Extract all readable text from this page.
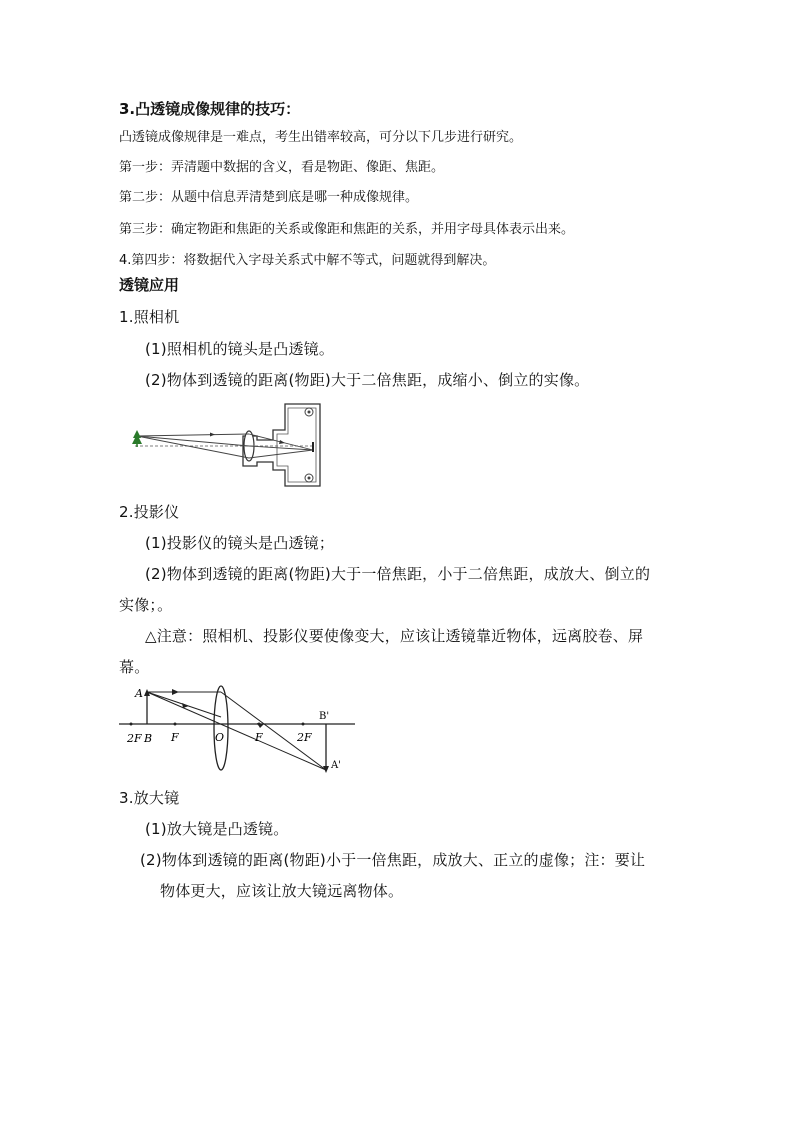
3.凸透镜成像规律的技巧：
凸透镜成像规律是一难点，考生出错率较高，可分以下几步进行研究。
第一步：弄清题中数据的含义，看是物距、像距、焦距。
第二步：从题中信息弄清楚到底是哪一种成像规律。
第三步：确定物距和焦距的关系或像距和焦距的关系，并用字母具体表示出来。
4.第四步：将数据代入字母关系式中解不等式，问题就得到解决。
透镜应用
1.照相机
(1)照相机的镜头是凸透镜。
(2)物体到透镜的距离(物距)大于二倍焦距，成缩小、倒立的实像。
2.投影仪
(1)投影仪的镜头是凸透镜；
(2)物体到透镜的距离(物距)大于一倍焦距，小于二倍焦距，成放大、倒立的
实像；。
△注意：照相机、投影仪要使像变大，应该让透镜靠近物体，远离胶卷、屏
幕。
A
2F B F	O	F	2F
B'
A'
3.放大镜
(1)放大镜是凸透镜。
(2)物体到透镜的距离(物距)小于一倍焦距，成放大、正立的虚像；注：要让
物体更大，应该让放大镜远离物体。
